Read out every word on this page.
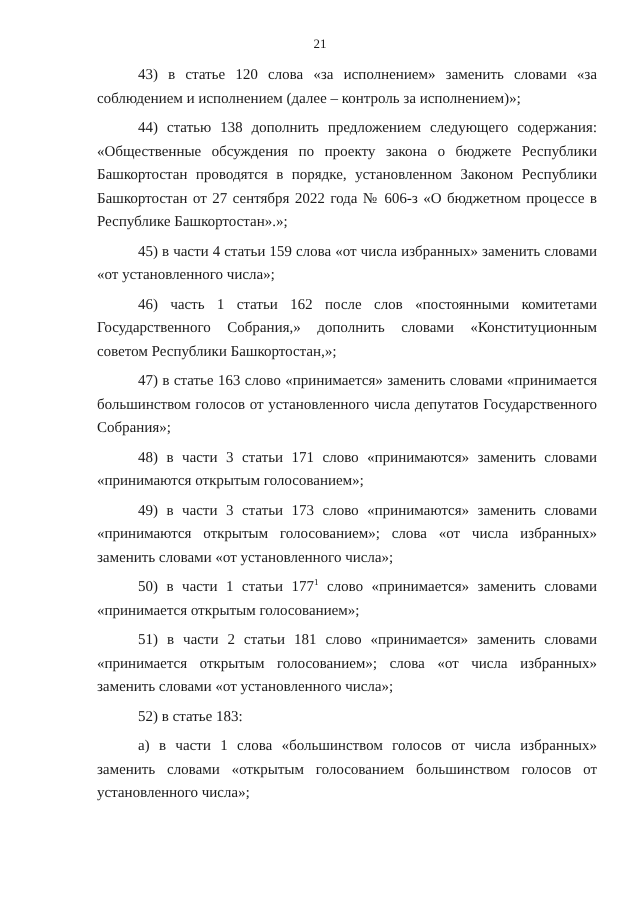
21

43) в статье 120 слова «за исполнением» заменить словами «за соблюдением и исполнением (далее – контроль за исполнением)»;

44) статью 138 дополнить предложением следующего содержания: «Общественные обсуждения по проекту закона о бюджете Республики Башкортостан проводятся в порядке, установленном Законом Республики Башкортостан от 27 сентября 2022 года № 606-з «О бюджетном процессе в Республике Башкортостан».»;

45) в части 4 статьи 159 слова «от числа избранных» заменить словами «от установленного числа»;

46) часть 1 статьи 162 после слов «постоянными комитетами Государственного Собрания,» дополнить словами «Конституционным советом Республики Башкортостан,»;

47) в статье 163 слово «принимается» заменить словами «принимается большинством голосов от установленного числа депутатов Государственного Собрания»;

48) в части 3 статьи 171 слово «принимаются» заменить словами «принимаются открытым голосованием»;

49) в части 3 статьи 173 слово «принимаются» заменить словами «принимаются открытым голосованием»; слова «от числа избранных» заменить словами «от установленного числа»;

50) в части 1 статьи $177^1$ слово «принимается» заменить словами «принимается открытым голосованием»;

51) в части 2 статьи 181 слово «принимается» заменить словами «принимается открытым голосованием»; слова «от числа избранных» заменить словами «от установленного числа»;

52) в статье 183:

а) в части 1 слова «большинством голосов от числа избранных» заменить словами «открытым голосованием большинством голосов от установленного числа»;
